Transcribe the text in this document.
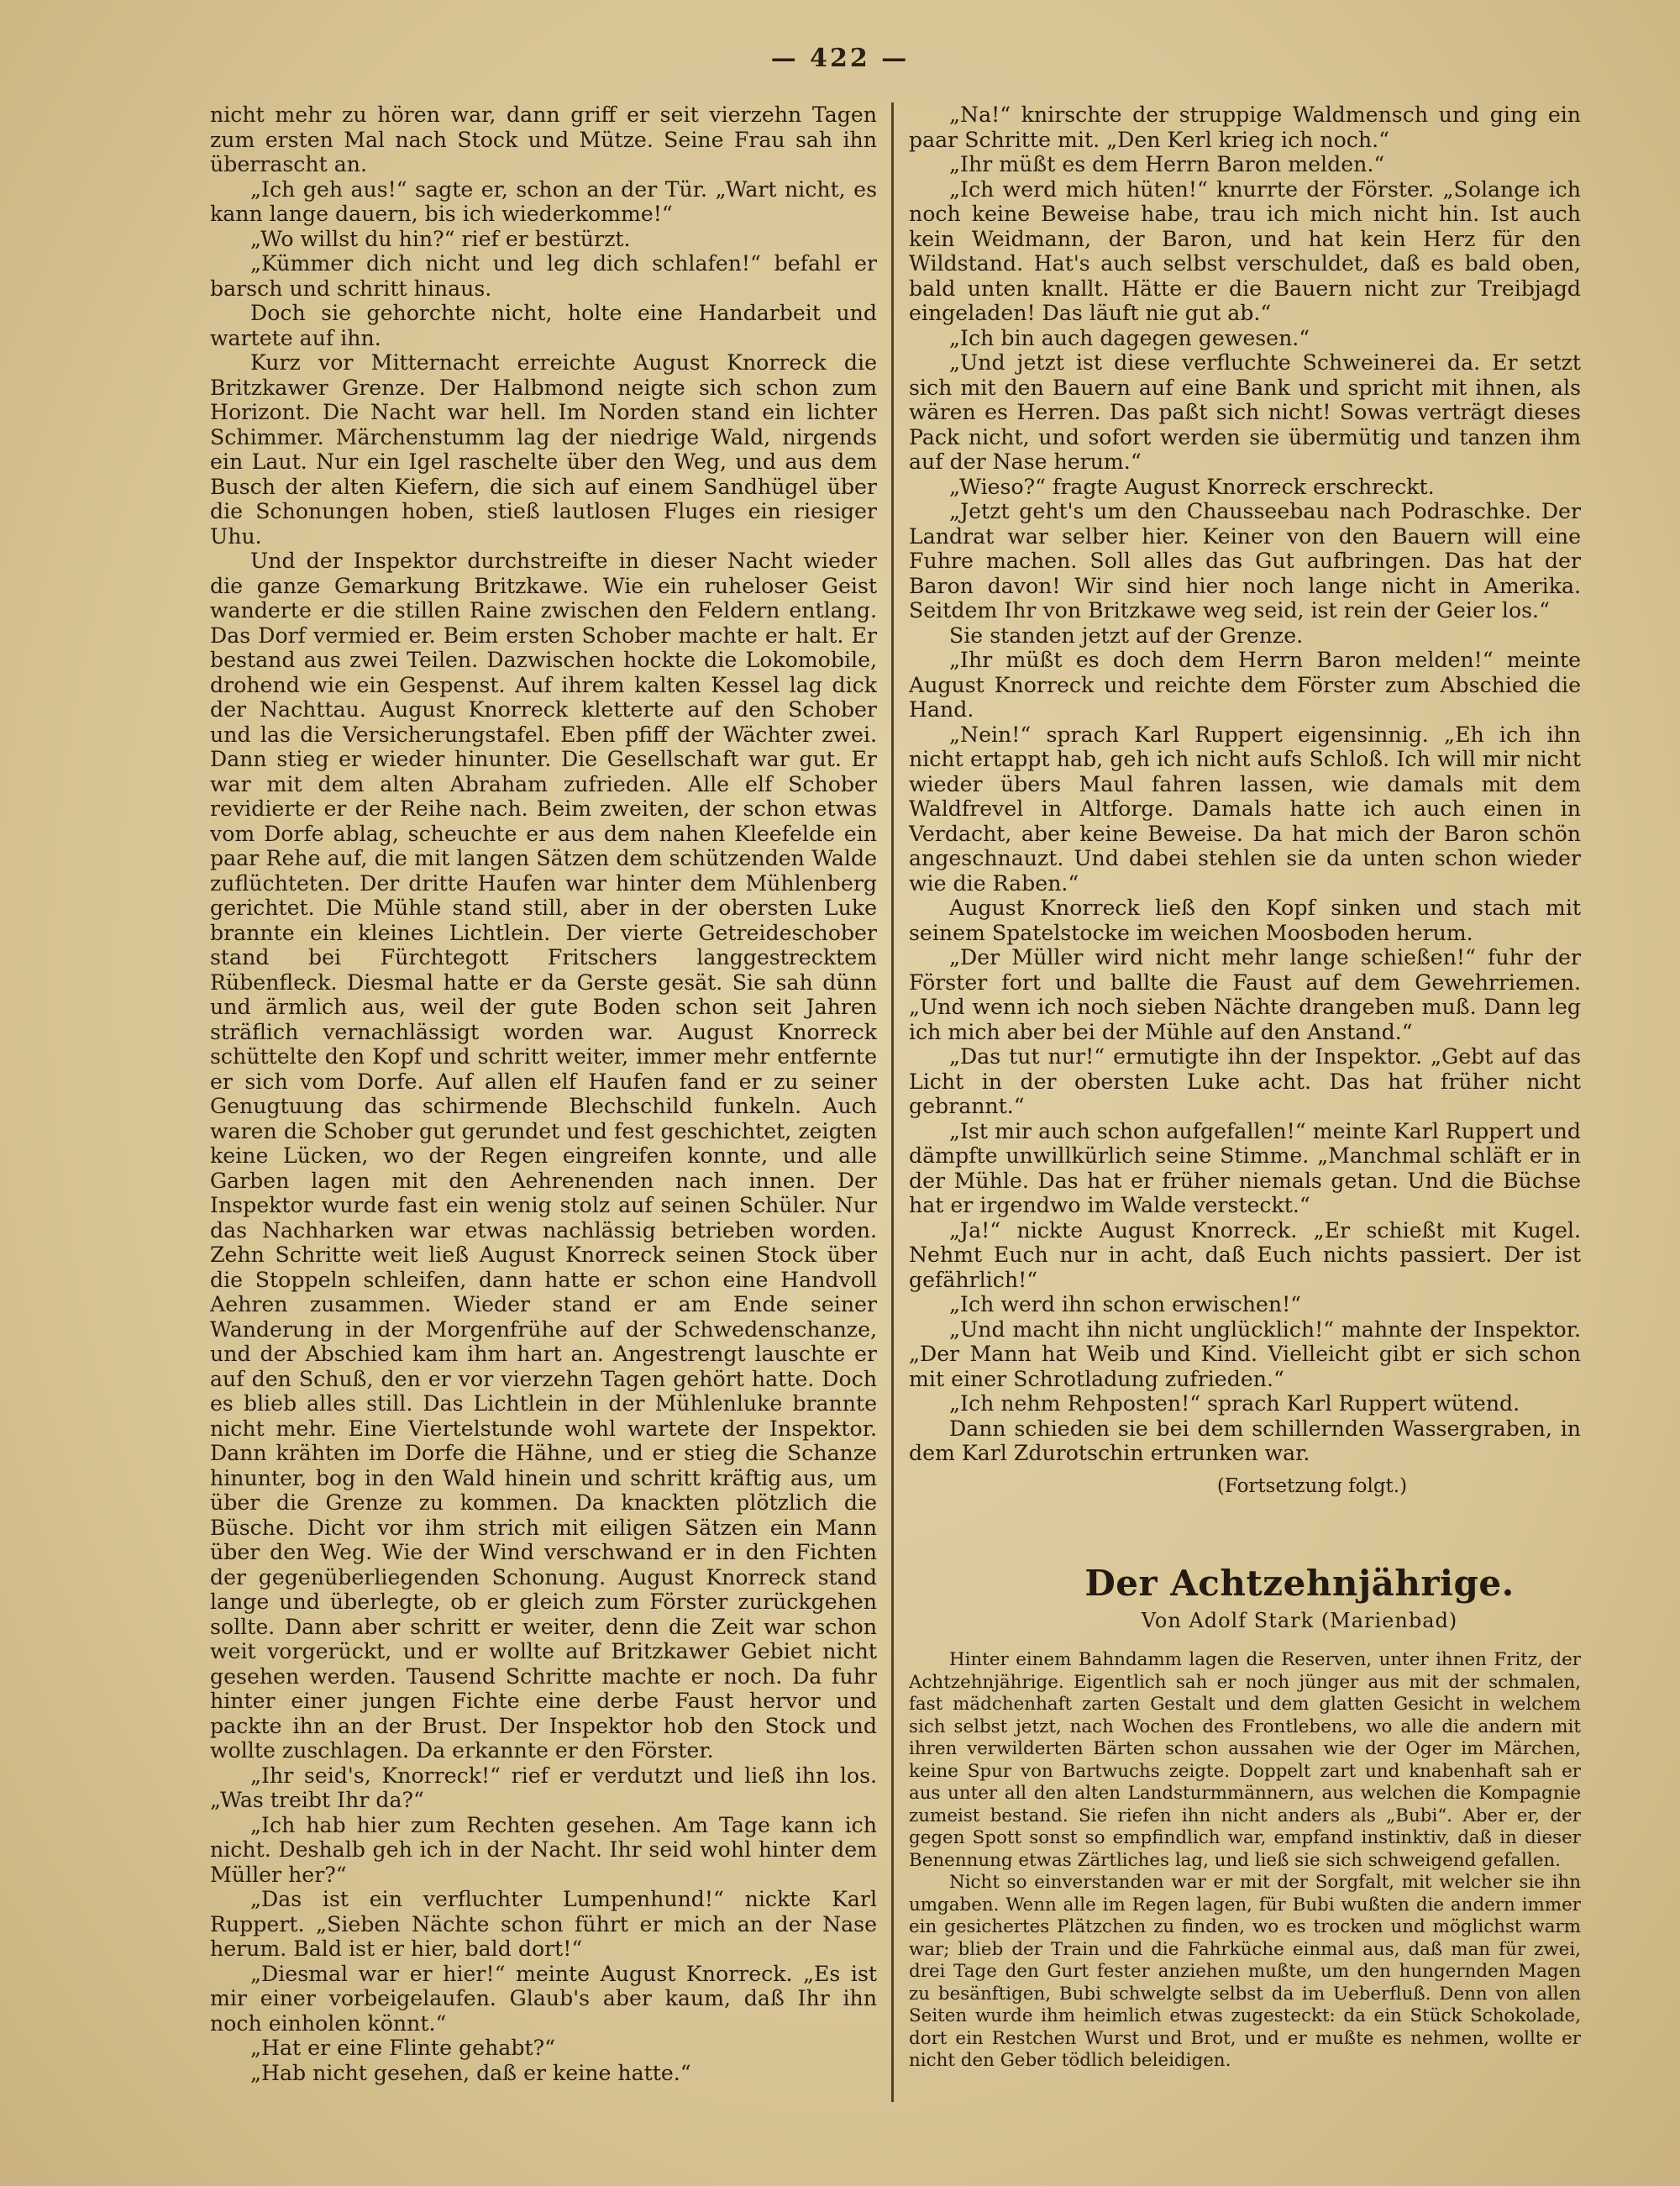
— 422 —

nicht mehr zu hören war, dann griff er seit vierzehn Tagen zum ersten Mal nach Stock und Mütze. Seine Frau sah ihn überrascht an.

„Ich geh aus!“ sagte er, schon an der Tür. „Wart nicht, es kann lange dauern, bis ich wiederkomme!“

„Wo willst du hin?“ rief er bestürzt.

„Kümmer dich nicht und leg dich schlafen!“ befahl er barsch und schritt hinaus.

Doch sie gehorchte nicht, holte eine Handarbeit und wartete auf ihn.

Kurz vor Mitternacht erreichte August Knorreck die Britzkawer Grenze. Der Halbmond neigte sich schon zum Horizont. Die Nacht war hell. Im Norden stand ein lichter Schimmer. Märchenstumm lag der niedrige Wald, nirgends ein Laut. Nur ein Igel raschelte über den Weg, und aus dem Busch der alten Kiefern, die sich auf einem Sandhügel über die Schonungen hoben, stieß lautlosen Fluges ein riesiger Uhu.

Und der Inspektor durchstreifte in dieser Nacht wieder die ganze Gemarkung Britzkawe. Wie ein ruheloser Geist wanderte er die stillen Raine zwischen den Feldern entlang. Das Dorf vermied er. Beim ersten Schober machte er halt. Er bestand aus zwei Teilen. Dazwischen hockte die Lokomobile, drohend wie ein Gespenst. Auf ihrem kalten Kessel lag dick der Nachttau. August Knorreck kletterte auf den Schober und las die Versicherungstafel. Eben pfiff der Wächter zwei. Dann stieg er wieder hinunter. Die Gesellschaft war gut. Er war mit dem alten Abraham zufrieden. Alle elf Schober revidierte er der Reihe nach. Beim zweiten, der schon etwas vom Dorfe ablag, scheuchte er aus dem nahen Kleefelde ein paar Rehe auf, die mit langen Sätzen dem schützenden Walde zuflüchteten. Der dritte Haufen war hinter dem Mühlenberg gerichtet. Die Mühle stand still, aber in der obersten Luke brannte ein kleines Lichtlein. Der vierte Getreideschober stand bei Fürchtegott Fritschers langgestrecktem Rübenfleck. Diesmal hatte er da Gerste gesät. Sie sah dünn und ärmlich aus, weil der gute Boden schon seit Jahren sträflich vernachlässigt worden war. August Knorreck schüttelte den Kopf und schritt weiter, immer mehr entfernte er sich vom Dorfe. Auf allen elf Haufen fand er zu seiner Genugtuung das schirmende Blechschild funkeln. Auch waren die Schober gut gerundet und fest geschichtet, zeigten keine Lücken, wo der Regen eingreifen konnte, und alle Garben lagen mit den Aehrenenden nach innen. Der Inspektor wurde fast ein wenig stolz auf seinen Schüler. Nur das Nachharken war etwas nachlässig betrieben worden. Zehn Schritte weit ließ August Knorreck seinen Stock über die Stoppeln schleifen, dann hatte er schon eine Handvoll Aehren zusammen. Wieder stand er am Ende seiner Wanderung in der Morgenfrühe auf der Schwedenschanze, und der Abschied kam ihm hart an. Angestrengt lauschte er auf den Schuß, den er vor vierzehn Tagen gehört hatte. Doch es blieb alles still. Das Lichtlein in der Mühlenluke brannte nicht mehr. Eine Viertelstunde wohl wartete der Inspektor. Dann krähten im Dorfe die Hähne, und er stieg die Schanze hinunter, bog in den Wald hinein und schritt kräftig aus, um über die Grenze zu kommen. Da knackten plötzlich die Büsche. Dicht vor ihm strich mit eiligen Sätzen ein Mann über den Weg. Wie der Wind verschwand er in den Fichten der gegenüberliegenden Schonung. August Knorreck stand lange und überlegte, ob er gleich zum Förster zurückgehen sollte. Dann aber schritt er weiter, denn die Zeit war schon weit vorgerückt, und er wollte auf Britzkawer Gebiet nicht gesehen werden. Tausend Schritte machte er noch. Da fuhr hinter einer jungen Fichte eine derbe Faust hervor und packte ihn an der Brust. Der Inspektor hob den Stock und wollte zuschlagen. Da erkannte er den Förster.

„Ihr seid's, Knorreck!“ rief er verdutzt und ließ ihn los. „Was treibt Ihr da?“

„Ich hab hier zum Rechten gesehen. Am Tage kann ich nicht. Deshalb geh ich in der Nacht. Ihr seid wohl hinter dem Müller her?“

„Das ist ein verfluchter Lumpenhund!“ nickte Karl Ruppert. „Sieben Nächte schon führt er mich an der Nase herum. Bald ist er hier, bald dort!“

„Diesmal war er hier!“ meinte August Knorreck. „Es ist mir einer vorbeigelaufen. Glaub's aber kaum, daß Ihr ihn noch einholen könnt.“

„Hat er eine Flinte gehabt?“

„Hab nicht gesehen, daß er keine hatte.“

„Na!“ knirschte der struppige Waldmensch und ging ein paar Schritte mit. „Den Kerl krieg ich noch.“

„Ihr müßt es dem Herrn Baron melden.“

„Ich werd mich hüten!“ knurrte der Förster. „Solange ich noch keine Beweise habe, trau ich mich nicht hin. Ist auch kein Weidmann, der Baron, und hat kein Herz für den Wildstand. Hat's auch selbst verschuldet, daß es bald oben, bald unten knallt. Hätte er die Bauern nicht zur Treibjagd eingeladen! Das läuft nie gut ab.“

„Ich bin auch dagegen gewesen.“

„Und jetzt ist diese verfluchte Schweinerei da. Er setzt sich mit den Bauern auf eine Bank und spricht mit ihnen, als wären es Herren. Das paßt sich nicht! Sowas verträgt dieses Pack nicht, und sofort werden sie übermütig und tanzen ihm auf der Nase herum.“

„Wieso?“ fragte August Knorreck erschreckt.

„Jetzt geht's um den Chausseebau nach Podraschke. Der Landrat war selber hier. Keiner von den Bauern will eine Fuhre machen. Soll alles das Gut aufbringen. Das hat der Baron davon! Wir sind hier noch lange nicht in Amerika. Seitdem Ihr von Britzkawe weg seid, ist rein der Geier los.“

Sie standen jetzt auf der Grenze.

„Ihr müßt es doch dem Herrn Baron melden!“ meinte August Knorreck und reichte dem Förster zum Abschied die Hand.

„Nein!“ sprach Karl Ruppert eigensinnig. „Eh ich ihn nicht ertappt hab, geh ich nicht aufs Schloß. Ich will mir nicht wieder übers Maul fahren lassen, wie damals mit dem Waldfrevel in Altforge. Damals hatte ich auch einen in Verdacht, aber keine Beweise. Da hat mich der Baron schön angeschnauzt. Und dabei stehlen sie da unten schon wieder wie die Raben.“

August Knorreck ließ den Kopf sinken und stach mit seinem Spatelstocke im weichen Moosboden herum.

„Der Müller wird nicht mehr lange schießen!“ fuhr der Förster fort und ballte die Faust auf dem Gewehrriemen. „Und wenn ich noch sieben Nächte drangeben muß. Dann leg ich mich aber bei der Mühle auf den Anstand.“

„Das tut nur!“ ermutigte ihn der Inspektor. „Gebt auf das Licht in der obersten Luke acht. Das hat früher nicht gebrannt.“

„Ist mir auch schon aufgefallen!“ meinte Karl Ruppert und dämpfte unwillkürlich seine Stimme. „Manchmal schläft er in der Mühle. Das hat er früher niemals getan. Und die Büchse hat er irgendwo im Walde versteckt.“

„Ja!“ nickte August Knorreck. „Er schießt mit Kugel. Nehmt Euch nur in acht, daß Euch nichts passiert. Der ist gefährlich!“

„Ich werd ihn schon erwischen!“

„Und macht ihn nicht unglücklich!“ mahnte der Inspektor. „Der Mann hat Weib und Kind. Vielleicht gibt er sich schon mit einer Schrotladung zufrieden.“

„Ich nehm Rehposten!“ sprach Karl Ruppert wütend.

Dann schieden sie bei dem schillernden Wassergraben, in dem Karl Zdurotschin ertrunken war.

(Fortsetzung folgt.)

Der Achtzehnjährige.
Von Adolf Stark (Marienbad)

Hinter einem Bahndamm lagen die Reserven, unter ihnen Fritz, der Achtzehnjährige. Eigentlich sah er noch jünger aus mit der schmalen, fast mädchenhaft zarten Gestalt und dem glatten Gesicht in welchem sich selbst jetzt, nach Wochen des Frontlebens, wo alle die andern mit ihren verwilderten Bärten schon aussahen wie der Oger im Märchen, keine Spur von Bartwuchs zeigte. Doppelt zart und knabenhaft sah er aus unter all den alten Landsturmmännern, aus welchen die Kompagnie zumeist bestand. Sie riefen ihn nicht anders als „Bubi“. Aber er, der gegen Spott sonst so empfindlich war, empfand instinktiv, daß in dieser Benennung etwas Zärtliches lag, und ließ sie sich schweigend gefallen.

Nicht so einverstanden war er mit der Sorgfalt, mit welcher sie ihn umgaben. Wenn alle im Regen lagen, für Bubi wußten die andern immer ein gesichertes Plätzchen zu finden, wo es trocken und möglichst warm war; blieb der Train und die Fahrküche einmal aus, daß man für zwei, drei Tage den Gurt fester anziehen mußte, um den hungernden Magen zu besänftigen, Bubi schwelgte selbst da im Ueberfluß. Denn von allen Seiten wurde ihm heimlich etwas zugesteckt: da ein Stück Schokolade, dort ein Restchen Wurst und Brot, und er mußte es nehmen, wollte er nicht den Geber tödlich beleidigen.
